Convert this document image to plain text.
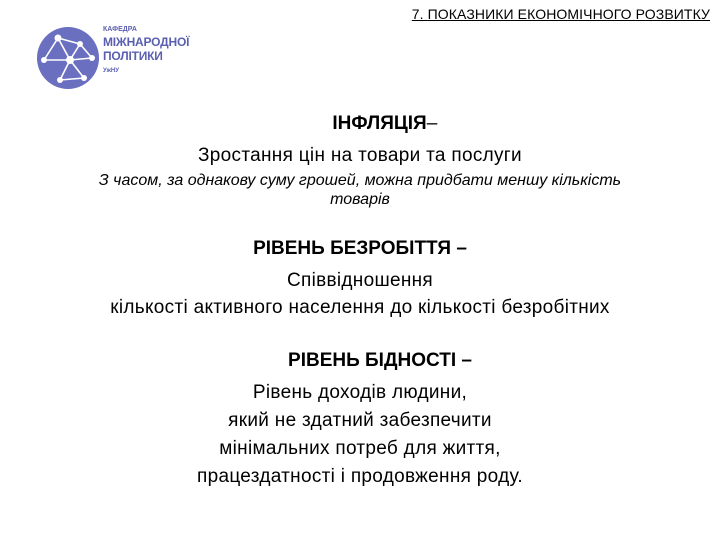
7. ПОКАЗНИКИ ЕКОНОМІЧНОГО РОЗВИТКУ
КАФЕДРА
МІЖНАРОДНОЇ
ПОЛІТИКИ
УжНУ
ІНФЛЯЦІЯ–
Зростання цін на товари та послуги
З часом, за однакову суму грошей, можна придбати меншу кількість
товарів
РІВЕНЬ БЕЗРОБІТТЯ –
Співвідношення
кількості активного населення до кількості безробітних
РІВЕНЬ БІДНОСТІ –
Рівень доходів людини,
який не здатний забезпечити
мінімальних потреб для життя,
працездатності і продовження роду.
